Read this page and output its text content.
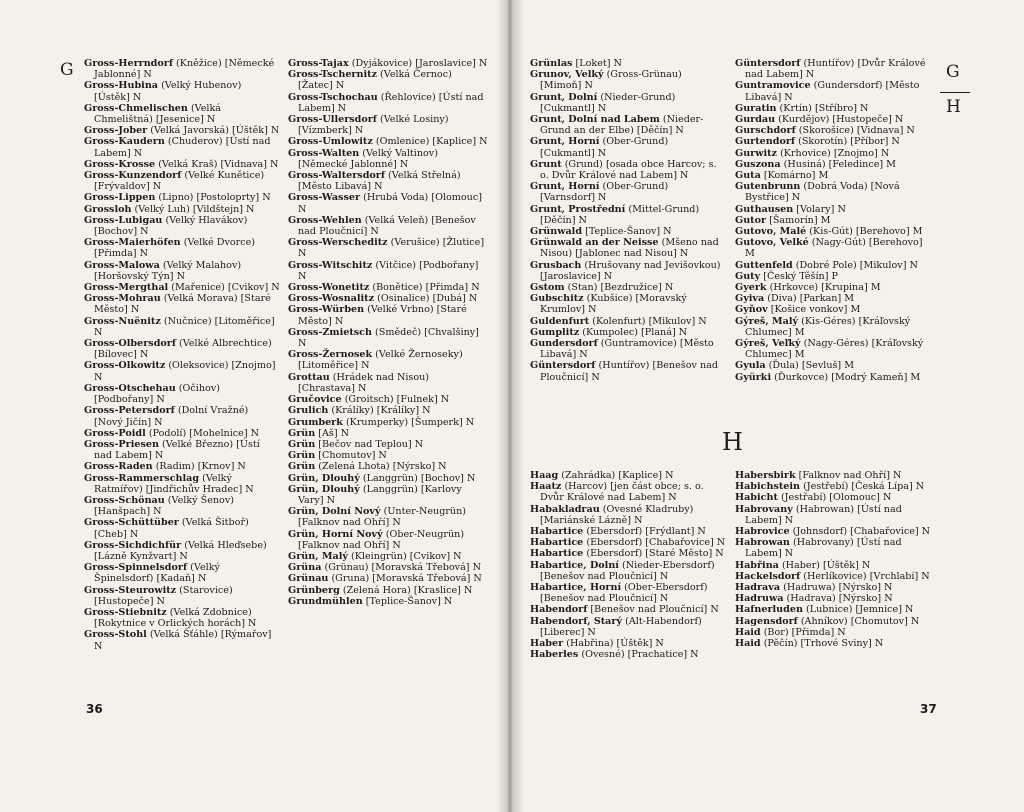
G Gross-Herrndorf (Kněžice) [Německé Jablonné] N
Gross-Hubina (Velký Hubenov) [Ústěk] N
Gross-Chmelischen (Velká Chmelištná) [Jesenice] N
Gross-Jober (Velká Javorská) [Úštěk] N
Gross-Kaudern (Chuderov) [Ústí nad Labem] N
Gross-Krosse (Velká Kraš) [Vidnava] N
Gross-Kunzendorf (Velké Kunětice) [Frývaldov] N
Gross-Lippen (Lipno) [Postoloprty] N
Grossloh (Velký Luh) [Vildštejn] N
Gross-Lubigau (Velký Hlavákov) [Bochov] N
Gross-Maierhöfen (Velké Dvorce) [Přimda] N
Gross-Malowa (Velký Malahov) [Horšovský Týn] N
Gross-Mergthal (Mařenice) [Cvikov] N
Gross-Mohrau (Velká Morava) [Staré Město] N
Gross-Nuënitz (Nučnice) [Litoměřice] N
Gross-Olbersdorf (Velké Albrechtice) [Bílovec] N
Gross-Olkowitz (Oleksovice) [Znojmo] N
Gross-Otschehau (Očihov) [Podbořany] N
Gross-Petersdorf (Dolní Vražné) [Nový Jičín] N
Gross-Poidl (Podolí) [Mohelnice] N
Gross-Priesen (Velké Březno) [Ústí nad Labem] N
Gross-Raden (Radim) [Krnov] N
Gross-Rammerschlag (Velký Ratmířov) [Jindřichův Hradec] N
Gross-Schönau (Velký Šenov) [Hanšpach] N
Gross-Schüttüber (Velká Šitboř) [Cheb] N
Gross-Sichdichfür (Velká Hleďsebe) [Lázně Kynžvart] N
Gross-Spinnelsdorf (Velký Špinelsdorf) [Kadaň] N
Gross-Steurowitz (Starovice) [Hustopeče] N
Gross-Stiebnitz (Velká Zdobnice) [Rokytnice v Orlických horách] N
Gross-Stohl (Velká Šťáhle) [Rýmařov] N
Gross-Tajax (Dyjákovice) [Jaroslavice] N
Gross-Tschernitz (Velká Černoc) [Žatec] N
Gross-Tschochau (Řehlovice) [Ústí nad Labem] N
Gross-Ullersdorf (Velké Losiny) [Vízmberk] N
Gross-Umlowitz (Omlenice) [Kaplice] N
Gross-Walten (Velký Valtinov) [Německé Jablonné] N
Gross-Waltersdorf (Velká Střelná) [Město Libavá] N
Gross-Wasser (Hrubá Voda) [Olomouc] N
Gross-Wehlen (Velká Veleň) [Benešov nad Ploučnicí] N
Gross-Werscheditz (Verušice) [Žlutice] N
Gross-Witschitz (Vitčice) [Podbořany] N
Gross-Wonetitz (Bonětice) [Přimda] N
Gross-Wosnalitz (Osinalice) [Dubá] N
Gross-Würben (Velké Vrbno) [Staré Město] N
Gross-Zmietsch (Smědeč) [Chvalšiny] N
Gross-Žernosek (Velké Žernoseky) [Litoměřice] N
Grottau (Hrádek nad Nisou) [Chrastava] N
Gručovice (Groitsch) [Fulnek] N
Grulich (Králíky) [Králíky] N
Grumberk (Krumperky) [Šumperk] N
Grün [Aš] N
Grün [Bečov nad Teplou] N
Grün [Chomutov] N
Grün (Zelená Lhota) [Nýrsko] N
Grün, Dlouhý (Langgrün) [Bochov] N
Grün, Dlouhý (Langgrün) [Karlovy Vary] N
Grün, Dolní Nový (Unter-Neugrün) [Falknov nad Ohří] N
Grün, Horní Nový (Ober-Neugrün) [Falknov nad Ohří] N
Grün, Malý (Kleingrün) [Cvikov] N
Grüna (Grünau) [Moravská Třebová] N
Grünau (Gruna) [Moravská Třebová] N
Grünberg (Zelená Hora) [Kraslice] N
Grundmühlen [Teplice-Šanov] N
36
Grünlas [Loket] N
Grunov, Velký (Gross-Grünau) [Mimoň] N
Grunt, Dolní (Nieder-Grund) [Cukmantl] N
Grunt, Dolní nad Labem (Nieder-Grund an der Elbe) [Děčín] N
Grunt, Horní (Ober-Grund) [Cukmantl] N
Grunt (Grund) [osada obce Harcov; s. o. Dvůr Králové nad Labem] N
Grunt, Horní (Ober-Grund) [Varnsdorf] N
Grunt, Prostřední (Mittel-Grund) [Děčín] N
Grünwald [Teplice-Šanov] N
Grünwald an der Neisse (Mšeno nad Nisou) [Jablonec nad Nisou] N
Grusbach (Hrušovany nad Jevišovkou) [Jaroslavice] N
Gstom (Stan) [Bezdružice] N
Gubschitz (Kubšice) [Moravský Krumlov] N
Guldenfurt (Kolenfurt) [Mikulov] N
Gumplitz (Kumpolec) [Planá] N
Gundersdorf (Guntramovice) [Město Libavá] N
Güntersdorf (Huntířov) [Benešov nad Ploučnicí] N
Güntersdorf (Huntířov) [Dvůr Králové nad Labem] N
Guntramovice (Gundersdorf) [Město Libavá] N
Guratin (Krtín) [Stříbro] N
Gurdau (Kurdějov) [Hustopeče] N
Gurschdorf (Skorošice) [Vidnava] N
Gurtendorf (Skorotín) [Příbor] N
Gurwitz (Krhovice) [Znojmo] N
Guszona (Husiná) [Feledince] M
Guta [Komárno] M
Gutenbrunn (Dobrá Voda) [Nová Bystřice] N
Guthausen [Volary] N
Gutor [Šamorín] M
Gutovo, Malé (Kis-Gút) [Berehovo] M
Gutovo, Velké (Nagy-Gút) [Berehovo] M
Guttenfeld (Dobré Pole) [Mikulov] N
Guty [Český Těšín] P
Gyerk (Hrkovce) [Krupina] M
Gyiva (Diva) [Parkan] M
Gyňov [Košice vonkov] M
Gýreš, Malý (Kis-Géres) [Kráľovský Chlumec] M
Gýreš, Veľký (Nagy-Géres) [Kráľovský Chlumec] M
Gyula (Ďula) [Sevluš] M
Gyürki (Ďurkovce) [Modrý Kameň] M
G
H
H
Haag (Zahrádka) [Kaplice] N
Haatz (Harcov) [jen část obce; s. o. Dvůr Králové nad Labem] N
Habakladrau (Ovesné Kladruby) [Mariánské Lázně] N
Habartice (Ebersdorf) [Frýdlant] N
Habartice (Ebersdorf) [Chabařovice] N
Habartice (Ebersdorf) [Staré Město] N
Habartice, Dolní (Nieder-Ebersdorf) [Benešov nad Ploučnicí] N
Habartice, Horní (Ober-Ebersdorf) [Benešov nad Ploučnicí] N
Habendorf [Benešov nad Ploučnicí] N
Habendorf, Starý (Alt-Habendorf) [Liberec] N
Haber (Habřina) [Úštěk] N
Haberles (Ovesné) [Prachatice] N
Habersbirk [Falknov nad Ohří] N
Habichstein (Jestřebí) [Česká Lípa] N
Habicht (Jestřabí) [Olomouc] N
Habrovany (Habrowan) [Ústí nad Labem] N
Habrovice (Johnsdorf) [Chabařovice] N
Habrowan (Habrovany) [Ústí nad Labem] N
Habřina (Haber) [Úštěk] N
Hackelsdorf (Herlíkovice) [Vrchlabí] N
Hadrava (Hadruwa) [Nýrsko] N
Hadruwa (Hadrava) [Nýrsko] N
Hafnerluden (Lubnice) [Jemnice] N
Hagensdorf (Ahníkov) [Chomutov] N
Haid (Bor) [Přimda] N
Haid (Pěčín) [Trhové Sviny] N
37
